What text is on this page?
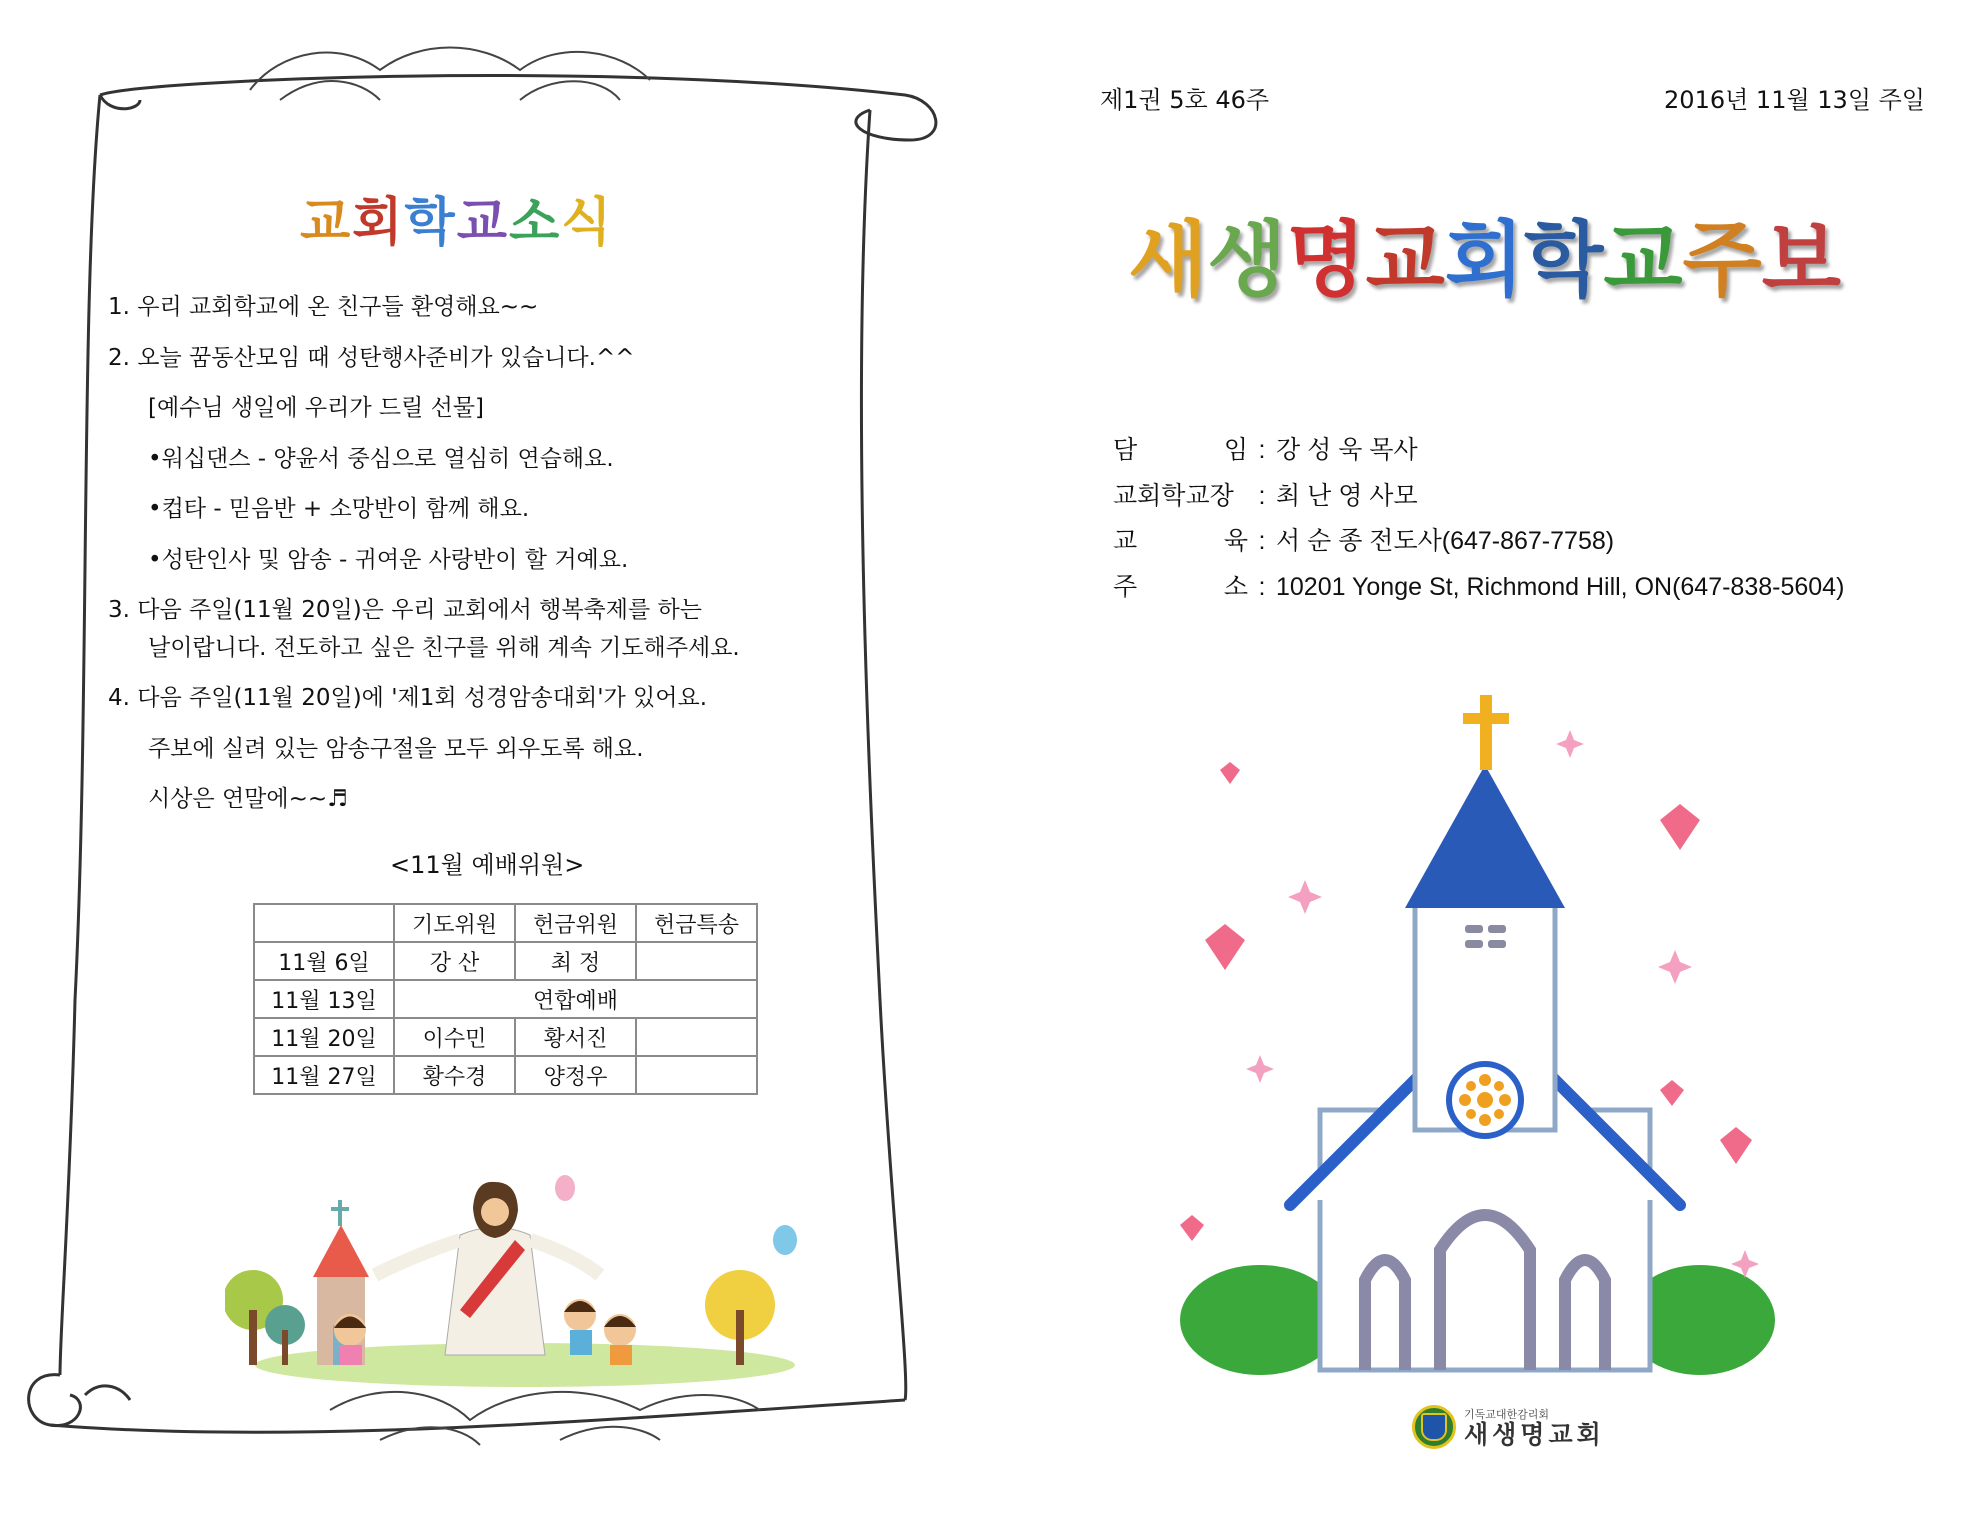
교회학교소식
1. 우리 교회학교에 온 친구들 환영해요~~
2. 오늘 꿈동산모임 때 성탄행사준비가 있습니다.^^
[예수님 생일에 우리가 드릴 선물]
•워십댄스 - 양윤서 중심으로 열심히 연습해요.
•컵타 - 믿음반 + 소망반이 함께 해요.
•성탄인사 및 암송 - 귀여운 사랑반이 할 거예요.
3. 다음 주일(11월 20일)은 우리 교회에서 행복축제를 하는
날이랍니다. 전도하고 싶은 친구를 위해 계속 기도해주세요.
4. 다음 주일(11월 20일)에 '제1회 성경암송대회'가 있어요.
주보에 실려 있는 암송구절을 모두 외우도록 해요.
시상은 연말에~~♬
<11월 예배위원>
	기도위원	헌금위원	헌금특송
11월 6일	강 산	최 정	
11월 13일	연합예배		
11월 20일	이수민	황서진	
11월 27일	황수경	양정우	
제1권 5호 46주	2016년 11월 13일 주일
새생명교회학교주보
담	임 : 강 성 욱 목사
교회학교장 : 최 난 영 사모
교	육 : 서 순 종 전도사(647-867-7758)
주	소 : 10201 Yonge St, Richmond Hill, ON(647-838-5604)
기독교대한감리회
새생명교회
